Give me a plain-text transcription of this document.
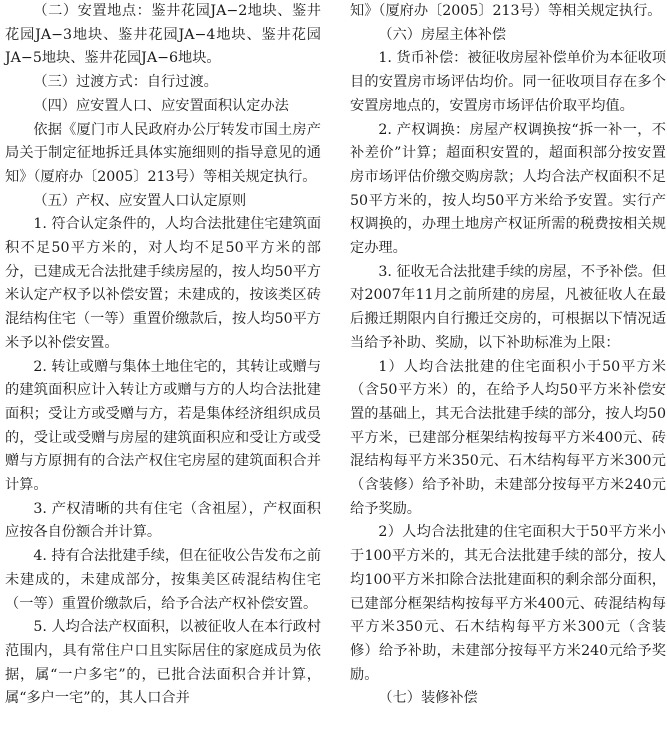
（二）安置地点：鉴井花园JA−2地块、鉴井花园JA−3地块、鉴井花园JA−4地块、鉴井花园JA−5地块、鉴井花园JA−6地块。

（三）过渡方式：自行过渡。

（四）应安置人口、应安置面积认定办法

依据《厦门市人民政府办公厅转发市国土房产局关于制定征地拆迁具体实施细则的指导意见的通知》（厦府办〔2005〕213号）等相关规定执行。

（五）产权、应安置人口认定原则

1. 符合认定条件的，人均合法批建住宅建筑面积不足50平方米的，对人均不足50平方米的部分，已建成无合法批建手续房屋的，按人均50平方米认定产权予以补偿安置；未建成的，按该类区砖混结构住宅（一等）重置价缴款后，按人均50平方米予以补偿安置。

2. 转让或赠与集体土地住宅的，其转让或赠与的建筑面积应计入转让方或赠与方的人均合法批建面积；受让方或受赠与方，若是集体经济组织成员的，受让或受赠与房屋的建筑面积应和受让方或受赠与方原拥有的合法产权住宅房屋的建筑面积合并计算。

3. 产权清晰的共有住宅（含祖屋），产权面积应按各自份额合并计算。

4. 持有合法批建手续，但在征收公告发布之前未建成的，未建成部分，按集美区砖混结构住宅（一等）重置价缴款后，给予合法产权补偿安置。

5. 人均合法产权面积，以被征收人在本行政村范围内，具有常住户口且实际居住的家庭成员为依据，属“一户多宅”的，已批合法面积合并计算，属“多户一宅”的，其人口合并

知》（厦府办〔2005〕213号）等相关规定执行。

（六）房屋主体补偿

1. 货币补偿：被征收房屋补偿单价为本征收项目的安置房市场评估均价。同一征收项目存在多个安置房地点的，安置房市场评估价取平均值。

2. 产权调换：房屋产权调换按“拆一补一，不补差价”计算；超面积安置的，超面积部分按安置房市场评估价缴交购房款；人均合法产权面积不足50平方米的，按人均50平方米给予安置。实行产权调换的，办理土地房产权证所需的税费按相关规定办理。

3. 征收无合法批建手续的房屋，不予补偿。但对2007年11月之前所建的房屋，凡被征收人在最后搬迁期限内自行搬迁交房的，可根据以下情况适当给予补助、奖励，以下补助标准为上限：

1）人均合法批建的住宅面积小于50平方米（含50平方米）的，在给予人均50平方米补偿安置的基础上，其无合法批建手续的部分，按人均50平方米，已建部分框架结构按每平方米400元、砖混结构每平方米350元、石木结构每平方米300元（含装修）给予补助，未建部分按每平方米240元给予奖励。

2）人均合法批建的住宅面积大于50平方米小于100平方米的，其无合法批建手续的部分，按人均100平方米扣除合法批建面积的剩余部分面积，已建部分框架结构按每平方米400元、砖混结构每平方米350元、石木结构每平方米300元（含装修）给予补助，未建部分按每平方米240元给予奖励。

（七）装修补偿
